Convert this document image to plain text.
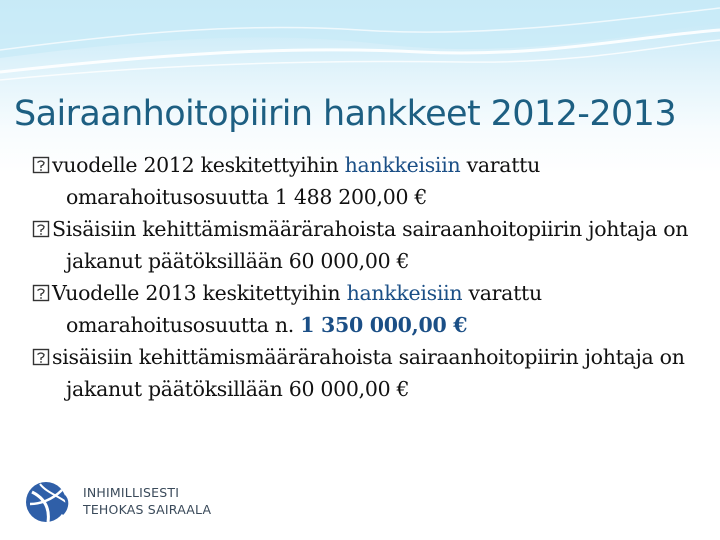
Sairaanhoitopiirin hankkeet 2012-2013
vuodelle 2012 keskitettyihin hankkeisiin varattu omarahoitusosuutta 1 488 200,00 €
Sisäisiin kehittämismäärärahoista sairaanhoitopiirin johtaja on jakanut päätöksillään 60 000,00 €
Vuodelle 2013 keskitettyihin hankkeisiin varattu omarahoitusosuutta n. 1 350 000,00 €
sisäisiin kehittämismäärärahoista sairaanhoitopiirin johtaja on jakanut päätöksillään 60 000,00 €
INHIMILLISESTI
TEHOKAS SAIRAALA
